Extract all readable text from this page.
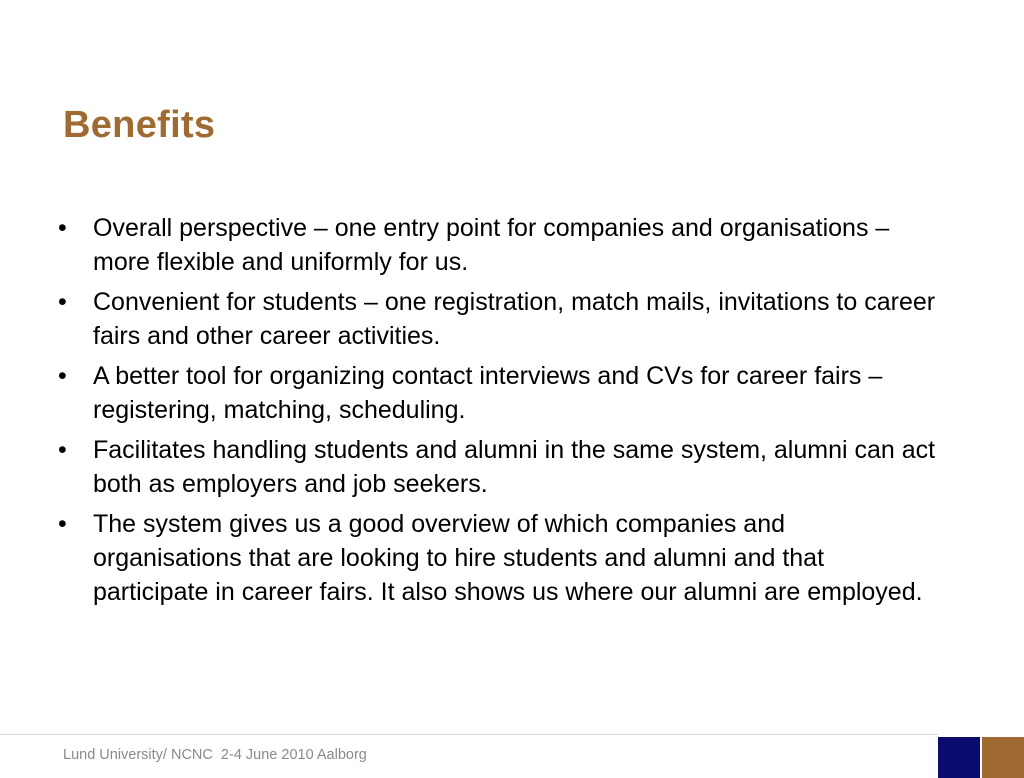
Benefits
•	Overall perspective – one entry point for companies and organisations – more flexible and uniformly for us.
•	Convenient for students – one registration, match mails, invitations to career fairs and other career activities.
•	A better tool for organizing contact interviews and CVs for career fairs – registering, matching, scheduling.
•	Facilitates handling students and alumni in the same system, alumni can act both as employers and job seekers.
•	The system gives us a good overview of which companies and organisations that are looking to hire students and alumni and that participate in career fairs. It also shows us where our alumni are employed.
Lund University/ NCNC  2-4 June 2010 Aalborg
